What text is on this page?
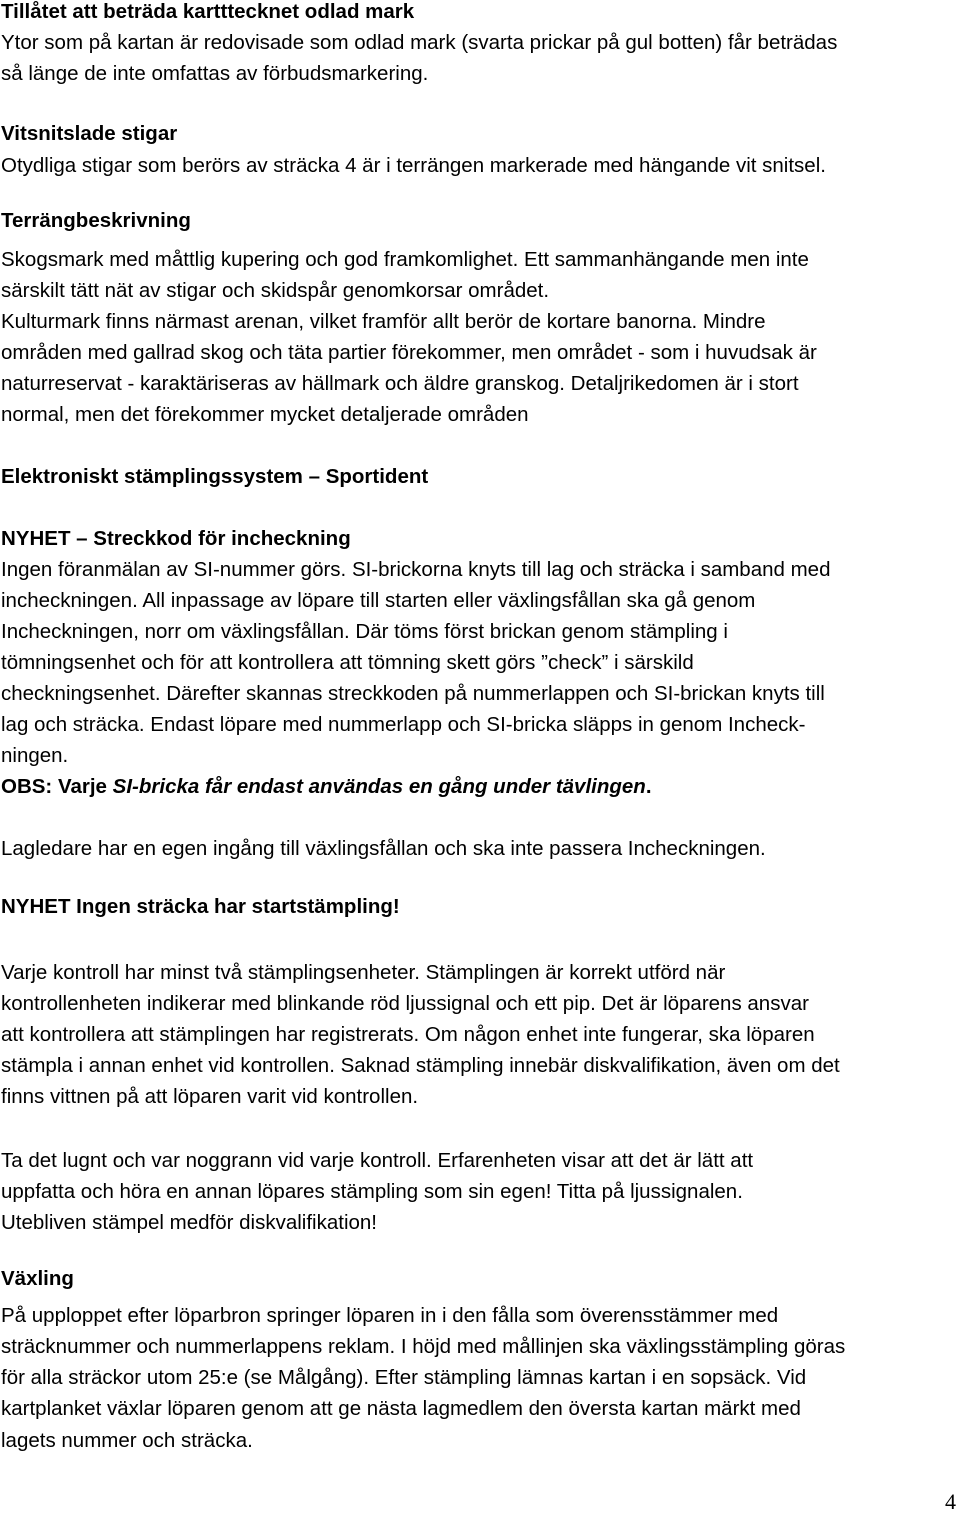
Tillåtet att beträda kartttecknet odlad mark
Ytor som på kartan är redovisade som odlad mark (svarta prickar på gul botten) får beträdas
så länge de inte omfattas av förbudsmarkering.
Vitsnitslade stigar
Otydliga stigar som berörs av sträcka 4 är i terrängen markerade med hängande vit snitsel.
Terrängbeskrivning
Skogsmark med måttlig kupering och god framkomlighet. Ett sammanhängande men inte
särskilt tätt nät av stigar och skidspår genomkorsar området.
Kulturmark finns närmast arenan, vilket framför allt berör de kortare banorna. Mindre
områden med gallrad skog och täta partier förekommer, men området - som i huvudsak är
naturreservat - karaktäriseras av hällmark och äldre granskog. Detaljrikedomen är i stort
normal, men det förekommer mycket detaljerade områden
Elektroniskt stämplingssystem – Sportident
NYHET – Streckkod för incheckning
Ingen föranmälan av SI-nummer görs. SI-brickorna knyts till lag och sträcka i samband med
incheckningen. All inpassage av löpare till starten eller växlingsfållan ska gå genom
Incheckningen, norr om växlingsfållan. Där töms först brickan genom stämpling i
tömningsenhet och för att kontrollera att tömning skett görs ”check” i särskild
checkningsenhet. Därefter skannas streckkoden på nummerlappen och SI-brickan knyts till
lag och sträcka. Endast löpare med nummerlapp och SI-bricka släpps in genom Incheck-
ningen.
OBS: Varje SI-bricka får endast användas en gång under tävlingen.
Lagledare har en egen ingång till växlingsfållan och ska inte passera Incheckningen.
NYHET Ingen sträcka har startstämpling!
Varje kontroll har minst två stämplingsenheter. Stämplingen är korrekt utförd när
kontrollenheten indikerar med blinkande röd ljussignal och ett pip. Det är löparens ansvar
att kontrollera att stämplingen har registrerats. Om någon enhet inte fungerar, ska löparen
stämpla i annan enhet vid kontrollen. Saknad stämpling innebär diskvalifikation, även om det
finns vittnen på att löparen varit vid kontrollen.
Ta det lugnt och var noggrann vid varje kontroll. Erfarenheten visar att det är lätt att
uppfatta och höra en annan löpares stämpling som sin egen! Titta på ljussignalen.
Utebliven stämpel medför diskvalifikation!
Växling
På upploppet efter löparbron springer löparen in i den fålla som överensstämmer med
sträcknummer och nummerlappens reklam. I höjd med mållinjen ska växlingsstämpling göras
för alla sträckor utom 25:e (se Målgång). Efter stämpling lämnas kartan i en sopsäck. Vid
kartplanket växlar löparen genom att ge nästa lagmedlem den översta kartan märkt med
lagets nummer och sträcka.
4
